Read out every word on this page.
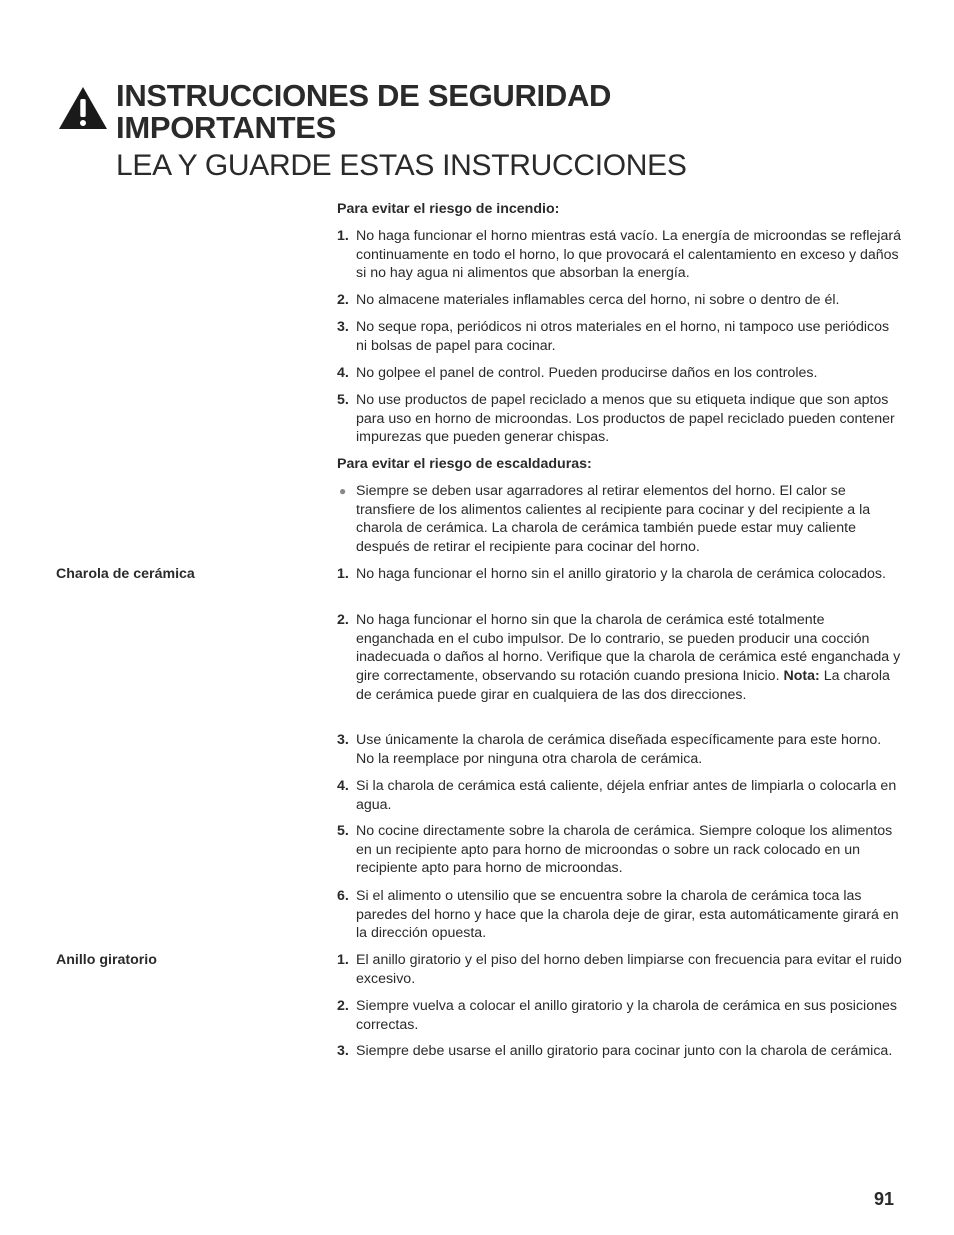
INSTRUCCIONES DE SEGURIDAD
IMPORTANTES
LEA Y GUARDE ESTAS INSTRUCCIONES
Para evitar el riesgo de incendio:
1. No haga funcionar el horno mientras está vacío. La energía de microondas se reflejará continuamente en todo el horno, lo que provocará el calentamiento en exceso y daños si no hay agua ni alimentos que absorban la energía.
2. No almacene materiales inflamables cerca del horno, ni sobre o dentro de él.
3. No seque ropa, periódicos ni otros materiales en el horno, ni tampoco use periódicos ni bolsas de papel para cocinar.
4. No golpee el panel de control. Pueden producirse daños en los controles.
5. No use productos de papel reciclado a menos que su etiqueta indique que son aptos para uso en horno de microondas. Los productos de papel reciclado pueden contener impurezas que pueden generar chispas.
Para evitar el riesgo de escaldaduras:
● Siempre se deben usar agarradores al retirar elementos del horno. El calor se transfiere de los alimentos calientes al recipiente para cocinar y del recipiente a la charola de cerámica. La charola de cerámica también puede estar muy caliente después de retirar el recipiente para cocinar del horno.
Charola de cerámica	1. No haga funcionar el horno sin el anillo giratorio y la charola de cerámica colocados.
2. No haga funcionar el horno sin que la charola de cerámica esté totalmente enganchada en el cubo impulsor. De lo contrario, se pueden producir una cocción inadecuada o daños al horno. Verifique que la charola de cerámica esté enganchada y gire correctamente, observando su rotación cuando presiona Inicio. Nota: La charola de cerámica puede girar en cualquiera de las dos direcciones.
3. Use únicamente la charola de cerámica diseñada específicamente para este horno. No la reemplace por ninguna otra charola de cerámica.
4. Si la charola de cerámica está caliente, déjela enfriar antes de limpiarla o colocarla en agua.
5. No cocine directamente sobre la charola de cerámica. Siempre coloque los alimentos en un recipiente apto para horno de microondas o sobre un rack colocado en un recipiente apto para horno de microondas.
6. Si el alimento o utensilio que se encuentra sobre la charola de cerámica toca las paredes del horno y hace que la charola deje de girar, esta automáticamente girará en la dirección opuesta.
Anillo giratorio	1. El anillo giratorio y el piso del horno deben limpiarse con frecuencia para evitar el ruido excesivo.
2. Siempre vuelva a colocar el anillo giratorio y la charola de cerámica en sus posiciones correctas.
3. Siempre debe usarse el anillo giratorio para cocinar junto con la charola de cerámica.
91
